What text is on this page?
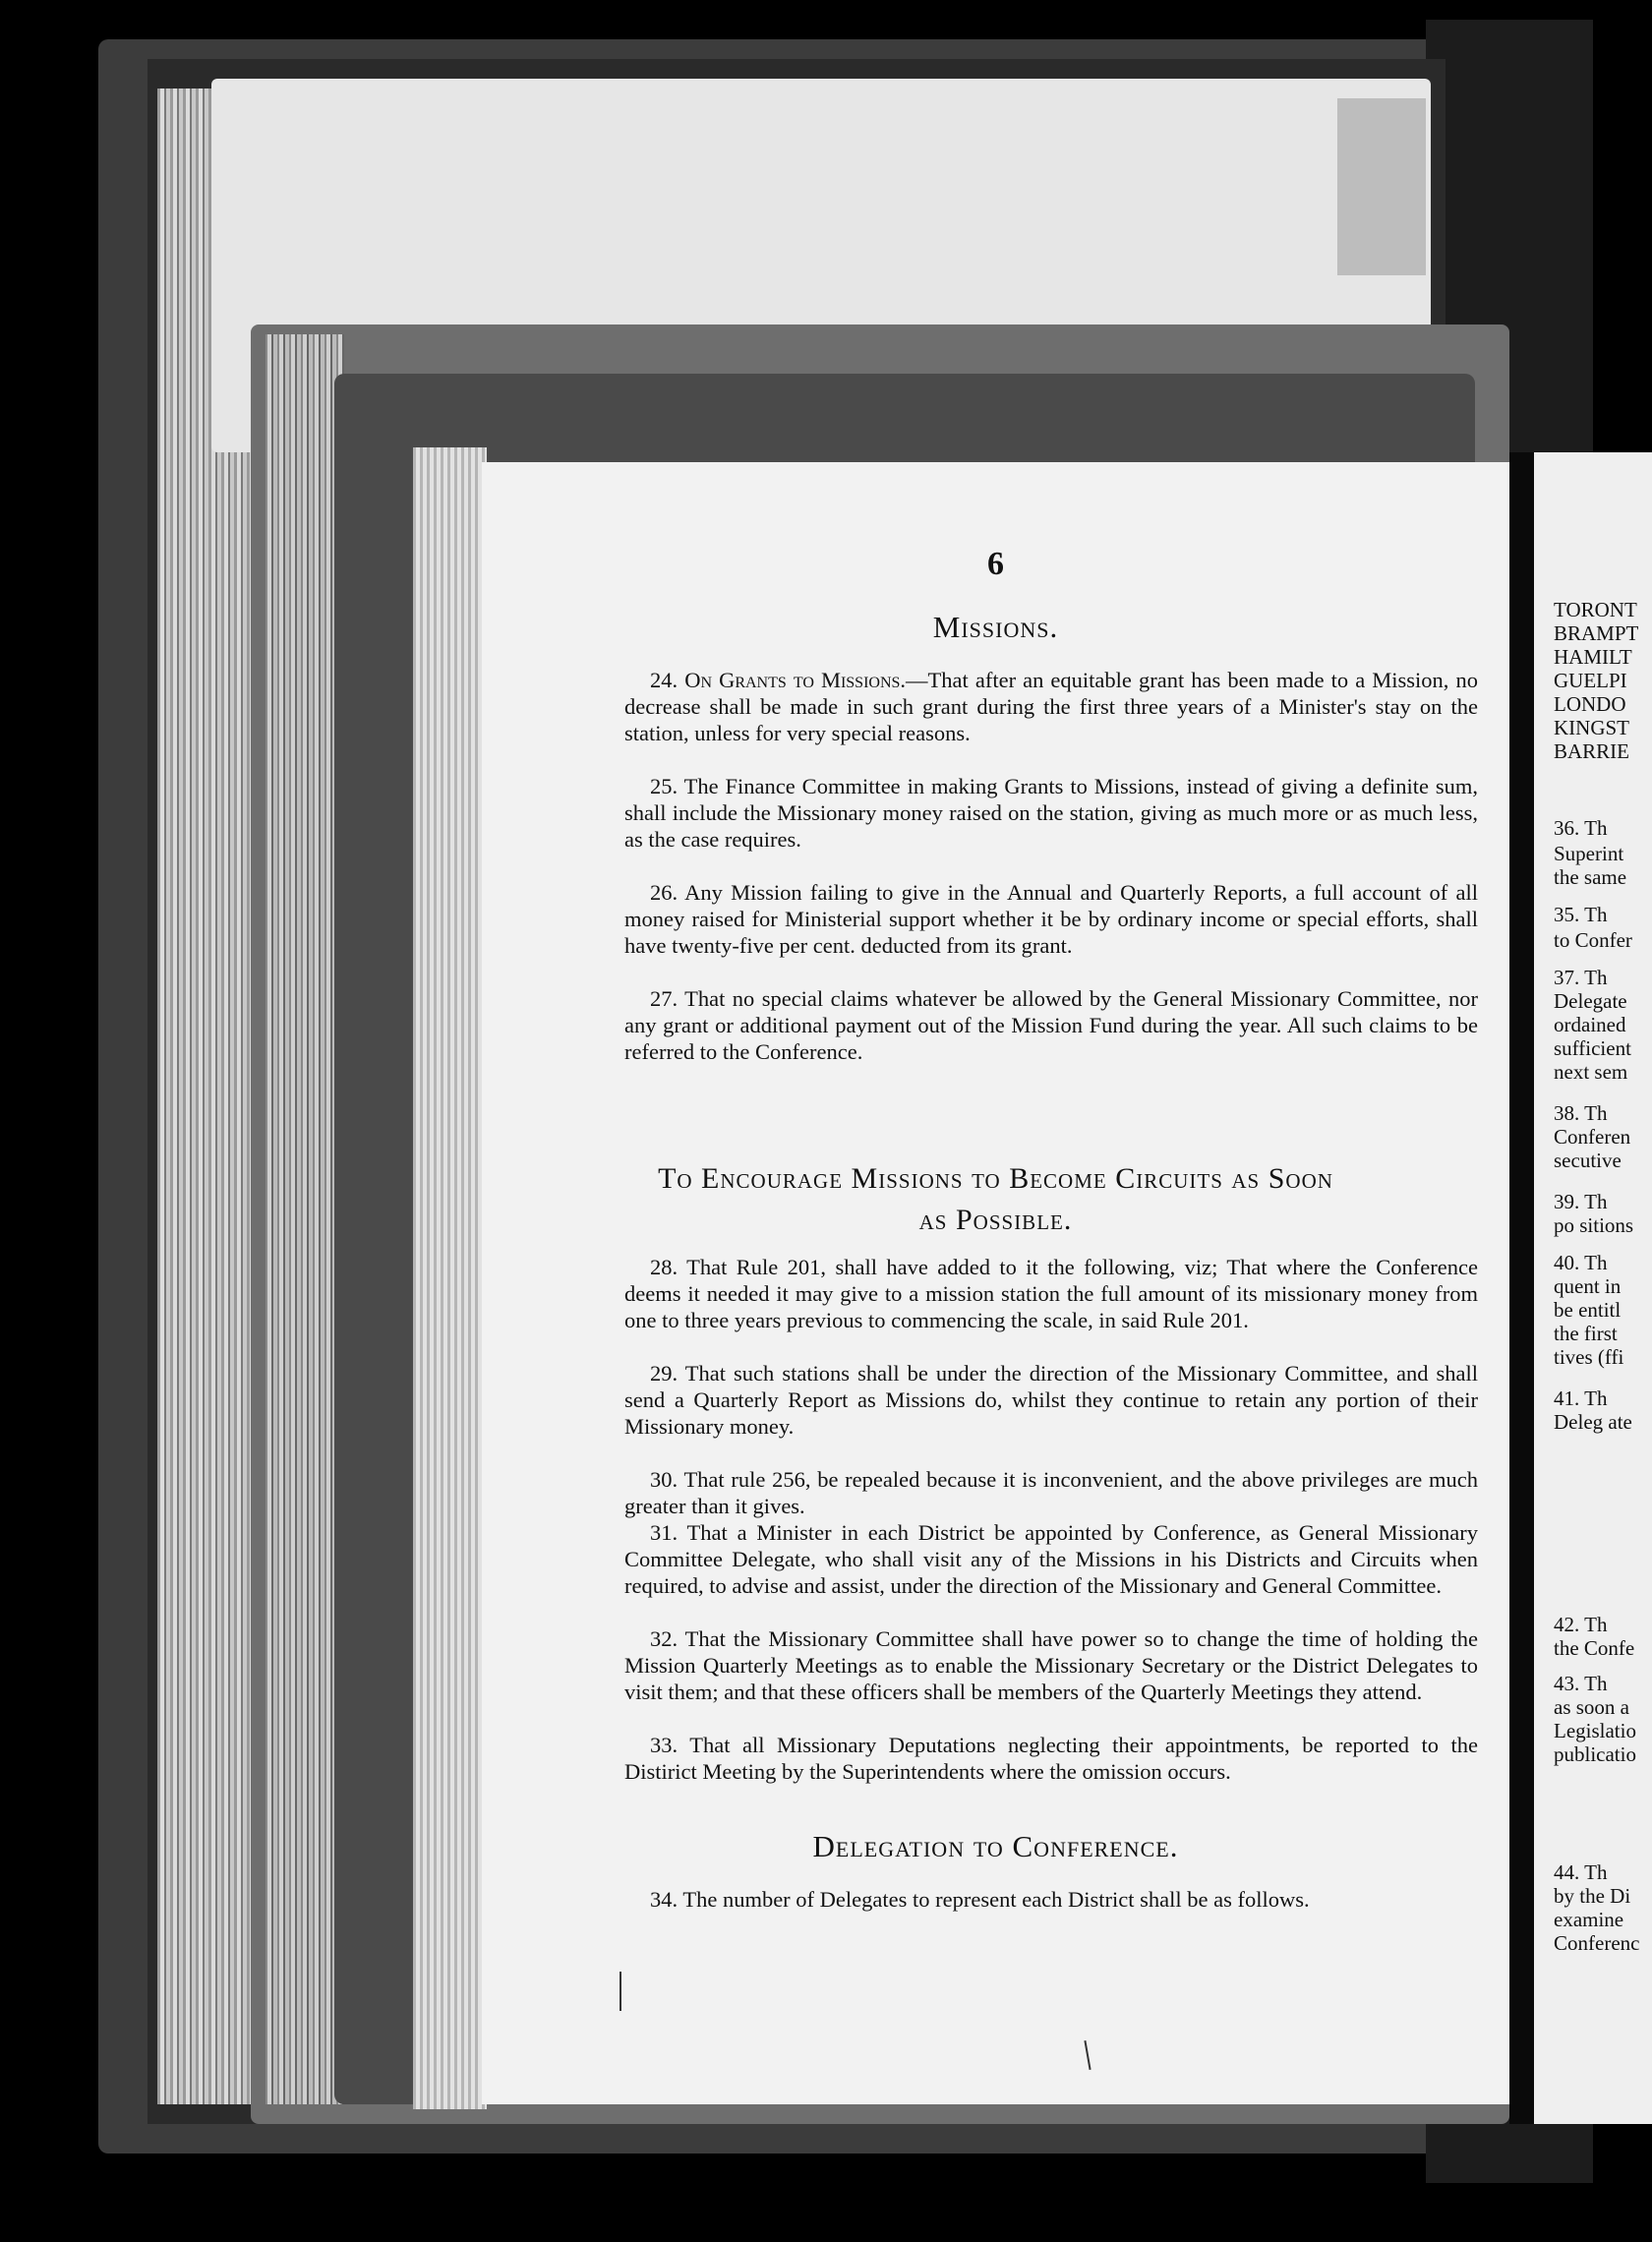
6
Missions.
24. On Grants to Missions.—That after an equitable grant has been made to a Mission, no decrease shall be made in such grant during the first three years of a Minister's stay on the station, unless for very special reasons.
25. The Finance Committee in making Grants to Missions, instead of giving a definite sum, shall include the Missionary money raised on the station, giving as much more or as much less, as the case requires.
26. Any Mission failing to give in the Annual and Quarterly Reports, a full account of all money raised for Ministerial support whether it be by ordinary income or special efforts, shall have twenty-five per cent. deducted from its grant.
27. That no special claims whatever be allowed by the General Missionary Committee, nor any grant or additional payment out of the Mission Fund during the year. All such claims to be referred to the Conference.
To Encourage Missions to Become Circuits as Soon
as Possible.
28. That Rule 201, shall have added to it the following, viz; That where the Conference deems it needed it may give to a mission station the full amount of its missionary money from one to three years previous to commencing the scale, in said Rule 201.
29. That such stations shall be under the direction of the Missionary Committee, and shall send a Quarterly Report as Missions do, whilst they continue to retain any portion of their Missionary money.
30. That rule 256, be repealed because it is inconvenient, and the above privileges are much greater than it gives.
31. That a Minister in each District be appointed by Conference, as General Missionary Committee Delegate, who shall visit any of the Missions in his Districts and Circuits when required, to advise and assist, under the direction of the Missionary and General Committee.
32. That the Missionary Committee shall have power so to change the time of holding the Mission Quarterly Meetings as to enable the Missionary Secretary or the District Delegates to visit them; and that these officers shall be members of the Quarterly Meetings they attend.
33. That all Missionary Deputations neglecting their appointments, be reported to the Distirict Meeting by the Superintendents where the omission occurs.
Delegation to Conference.
34. The number of Delegates to represent each District shall be as follows.
TORONT
BRAMPT
HAMILT
GUELPI
LONDO
KINGST
BARRIE
36. Th
Superint
the same
35. Th
to Confer
37. Th
Delegate
ordained
sufficient
next sem
38. Th
Conferen
secutive
39. Th
po sitions
40. Th
quent in
be entitl
the first
tives (ffi
41. Th
Deleg ate
42. Th
the Confe
43. Th
as soon a
Legislatio
publicatio
44. Th
by the Di
examine
Conferenc
